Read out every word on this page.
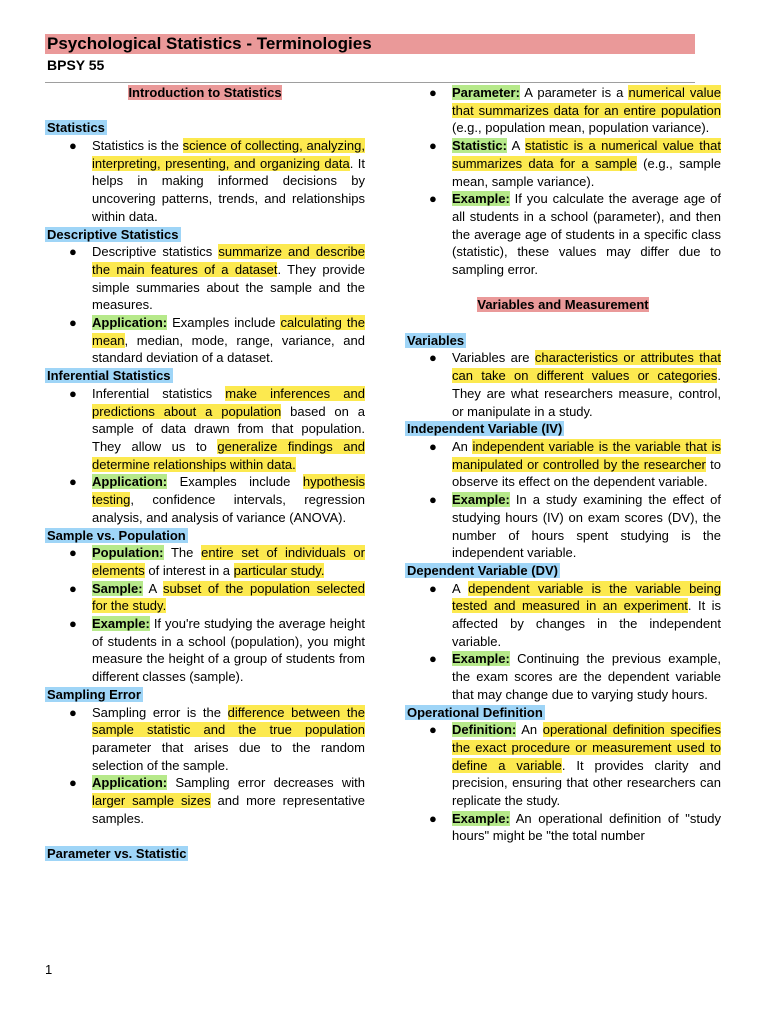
Psychological Statistics - Terminologies
BPSY 55

Introduction to Statistics

Statistics

● Statistics is the science of collecting, analyzing, interpreting, presenting, and organizing data. It helps in making informed decisions by uncovering patterns, trends, and relationships within data.

Descriptive Statistics

● Descriptive statistics summarize and describe the main features of a dataset. They provide simple summaries about the sample and the measures.
● Application: Examples include calculating the mean, median, mode, range, variance, and standard deviation of a dataset.

Inferential Statistics

● Inferential statistics make inferences and predictions about a population based on a sample of data drawn from that population. They allow us to generalize findings and determine relationships within data.
● Application: Examples include hypothesis testing, confidence intervals, regression analysis, and analysis of variance (ANOVA).

Sample vs. Population

● Population: The entire set of individuals or elements of interest in a particular study.
● Sample: A subset of the population selected for the study.
● Example: If you're studying the average height of students in a school (population), you might measure the height of a group of students from different classes (sample).

Sampling Error

● Sampling error is the difference between the sample statistic and the true population parameter that arises due to the random selection of the sample.
● Application: Sampling error decreases with larger sample sizes and more representative samples.

Parameter vs. Statistic

● Parameter: A parameter is a numerical value that summarizes data for an entire population (e.g., population mean, population variance).
● Statistic: A statistic is a numerical value that summarizes data for a sample (e.g., sample mean, sample variance).
● Example: If you calculate the average age of all students in a school (parameter), and then the average age of students in a specific class (statistic), these values may differ due to sampling error.

Variables and Measurement

Variables

● Variables are characteristics or attributes that can take on different values or categories. They are what researchers measure, control, or manipulate in a study.

Independent Variable (IV)

● An independent variable is the variable that is manipulated or controlled by the researcher to observe its effect on the dependent variable.
● Example: In a study examining the effect of studying hours (IV) on exam scores (DV), the number of hours spent studying is the independent variable.

Dependent Variable (DV)

● A dependent variable is the variable being tested and measured in an experiment. It is affected by changes in the independent variable.
● Example: Continuing the previous example, the exam scores are the dependent variable that may change due to varying study hours.

Operational Definition

● Definition: An operational definition specifies the exact procedure or measurement used to define a variable. It provides clarity and precision, ensuring that other researchers can replicate the study.
● Example: An operational definition of "study hours" might be "the total number
1
